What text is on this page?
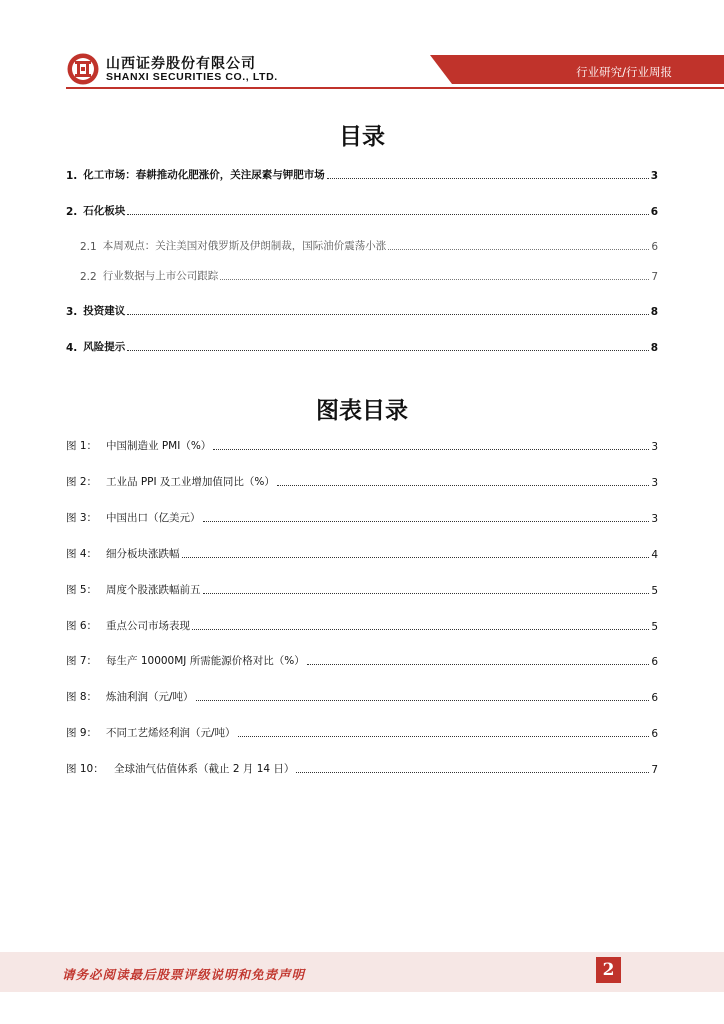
山西证券股份有限公司
SHANXI SECURITIES CO., LTD.	行业研究/行业周报
目录
1. 化工市场：春耕推动化肥涨价，关注尿素与钾肥市场	3
2. 石化板块	6
2.1 本周观点：关注美国对俄罗斯及伊朗制裁，国际油价震荡小涨	6
2.2 行业数据与上市公司跟踪	7
3. 投资建议	8
4. 风险提示	8
图表目录
图 1： 中国制造业 PMI（%）	3
图 2： 工业品 PPI 及工业增加值同比（%）	3
图 3： 中国出口（亿美元）	3
图 4： 细分板块涨跌幅	4
图 5： 周度个股涨跌幅前五	5
图 6： 重点公司市场表现	5
图 7： 每生产 10000MJ 所需能源价格对比（%）	6
图 8： 炼油利润（元/吨）	6
图 9： 不同工艺烯烃利润（元/吨）	6
图 10： 全球油气估值体系（截止 2 月 14 日）	7
请务必阅读最后股票评级说明和免责声明	2
